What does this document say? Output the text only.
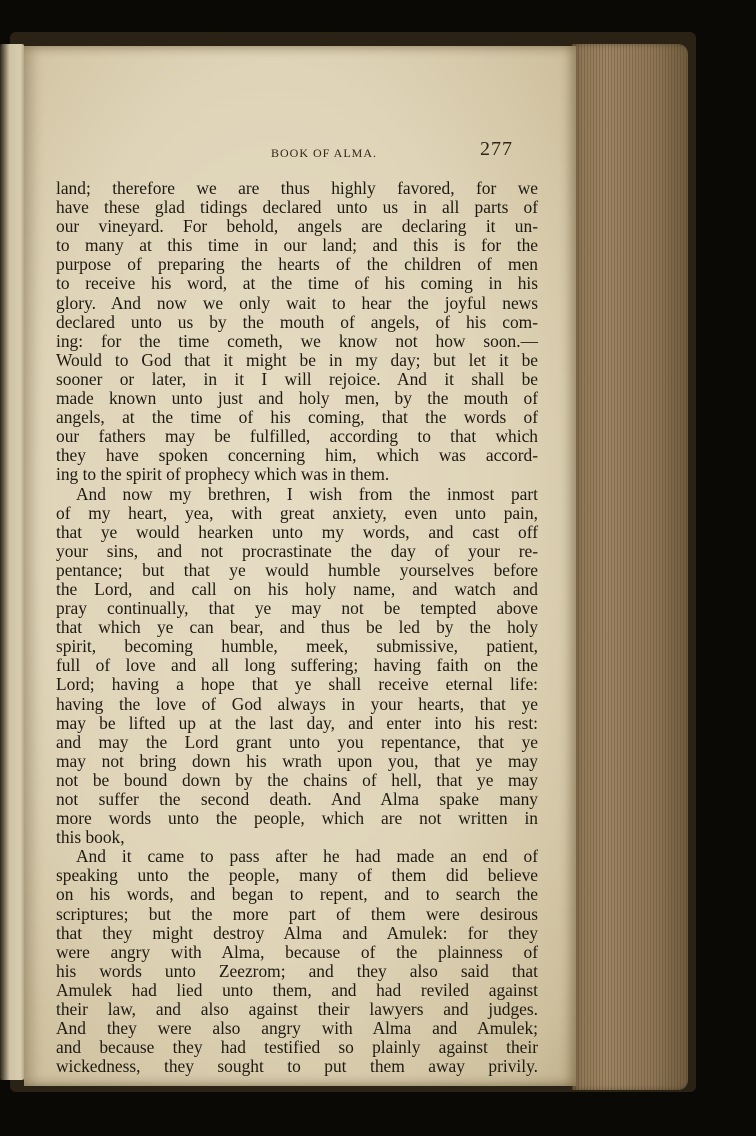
BOOK OF ALMA.	277
land; therefore we are thus highly favored, for we
have these glad tidings declared unto us in all parts of
our vineyard. For behold, angels are declaring it un-
to many at this time in our land; and this is for the
purpose of preparing the hearts of the children of men
to receive his word, at the time of his coming in his
glory. And now we only wait to hear the joyful news
declared unto us by the mouth of angels, of his com-
ing: for the time cometh, we know not how soon.—
Would to God that it might be in my day; but let it be
sooner or later, in it I will rejoice. And it shall be
made known unto just and holy men, by the mouth of
angels, at the time of his coming, that the words of
our fathers may be fulfilled, according to that which
they have spoken concerning him, which was accord-
ing to the spirit of prophecy which was in them.
And now my brethren, I wish from the inmost part
of my heart, yea, with great anxiety, even unto pain,
that ye would hearken unto my words, and cast off
your sins, and not procrastinate the day of your re-
pentance; but that ye would humble yourselves before
the Lord, and call on his holy name, and watch and
pray continually, that ye may not be tempted above
that which ye can bear, and thus be led by the holy
spirit, becoming humble, meek, submissive, patient,
full of love and all long suffering; having faith on the
Lord; having a hope that ye shall receive eternal life:
having the love of God always in your hearts, that ye
may be lifted up at the last day, and enter into his rest:
and may the Lord grant unto you repentance, that ye
may not bring down his wrath upon you, that ye may
not be bound down by the chains of hell, that ye may
not suffer the second death. And Alma spake many
more words unto the people, which are not written in
this book,
And it came to pass after he had made an end of
speaking unto the people, many of them did believe
on his words, and began to repent, and to search the
scriptures; but the more part of them were desirous
that they might destroy Alma and Amulek: for they
were angry with Alma, because of the plainness of
his words unto Zeezrom; and they also said that
Amulek had lied unto them, and had reviled against
their law, and also against their lawyers and judges.
And they were also angry with Alma and Amulek;
and because they had testified so plainly against their
wickedness, they sought to put them away privily.
